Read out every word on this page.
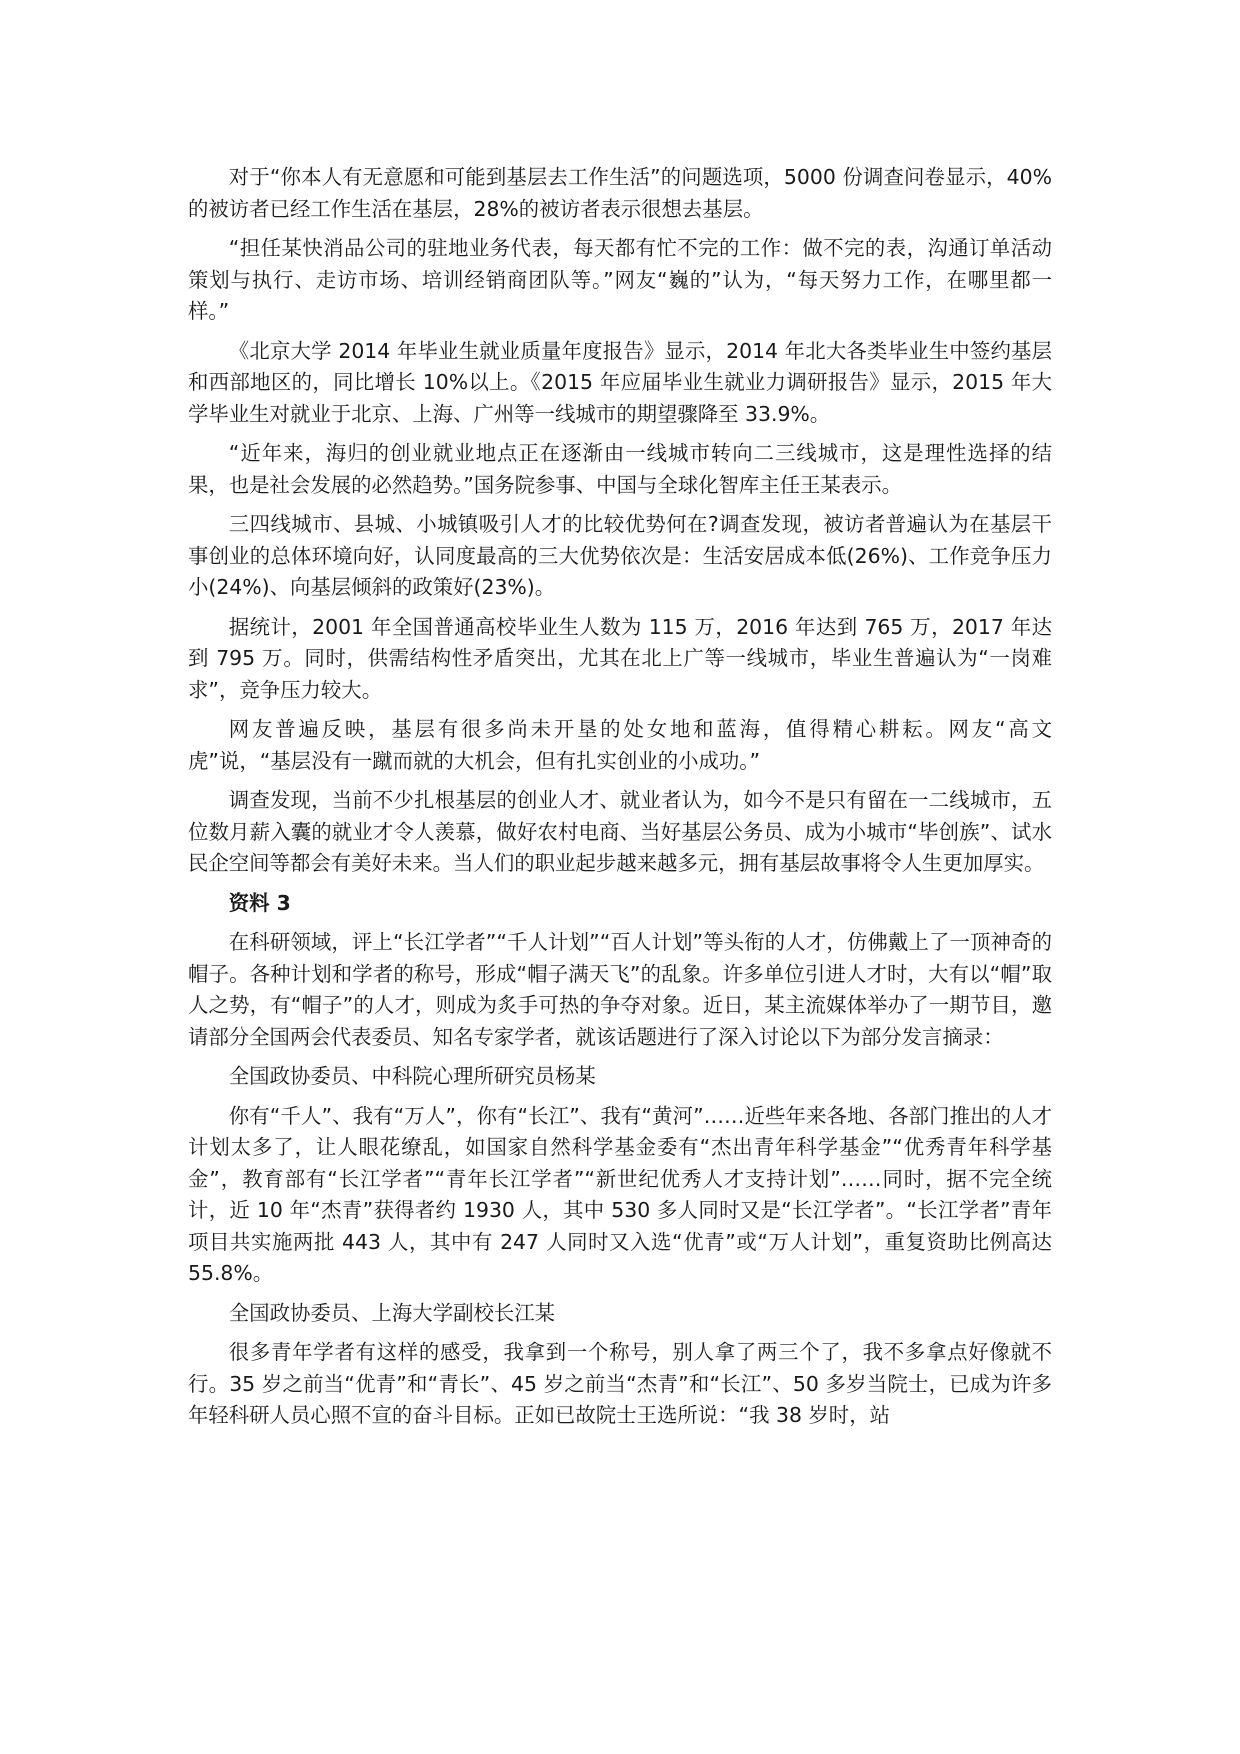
对于“你本人有无意愿和可能到基层去工作生活”的问题选项，5000 份调查问卷显示，40%的被访者已经工作生活在基层，28%的被访者表示很想去基层。

“担任某快消品公司的驻地业务代表，每天都有忙不完的工作：做不完的表，沟通订单活动策划与执行、走访市场、培训经销商团队等。”网友“巍的”认为，“每天努力工作，在哪里都一样。”

《北京大学 2014 年毕业生就业质量年度报告》显示，2014 年北大各类毕业生中签约基层和西部地区的，同比增长 10%以上。《2015 年应届毕业生就业力调研报告》显示，2015 年大学毕业生对就业于北京、上海、广州等一线城市的期望骤降至 33.9%。

“近年来，海归的创业就业地点正在逐渐由一线城市转向二三线城市，这是理性选择的结果，也是社会发展的必然趋势。”国务院参事、中国与全球化智库主任王某表示。

三四线城市、县城、小城镇吸引人才的比较优势何在?调查发现，被访者普遍认为在基层干事创业的总体环境向好，认同度最高的三大优势依次是：生活安居成本低(26%)、工作竞争压力小(24%)、向基层倾斜的政策好(23%)。

据统计，2001 年全国普通高校毕业生人数为 115 万，2016 年达到 765 万，2017 年达到 795 万。同时，供需结构性矛盾突出，尤其在北上广等一线城市，毕业生普遍认为“一岗难求”，竞争压力较大。

网友普遍反映，基层有很多尚未开垦的处女地和蓝海，值得精心耕耘。网友“高文虎”说，“基层没有一蹴而就的大机会，但有扎实创业的小成功。”

调查发现，当前不少扎根基层的创业人才、就业者认为，如今不是只有留在一二线城市，五位数月薪入囊的就业才令人羡慕，做好农村电商、当好基层公务员、成为小城市“毕创族”、试水民企空间等都会有美好未来。当人们的职业起步越来越多元，拥有基层故事将令人生更加厚实。

资料 3

在科研领域，评上“长江学者”“千人计划”“百人计划”等头衔的人才，仿佛戴上了一顶神奇的帽子。各种计划和学者的称号，形成“帽子满天飞”的乱象。许多单位引进人才时，大有以“帽”取人之势，有“帽子”的人才，则成为炙手可热的争夺对象。近日，某主流媒体举办了一期节目，邀请部分全国两会代表委员、知名专家学者，就该话题进行了深入讨论以下为部分发言摘录：

全国政协委员、中科院心理所研究员杨某

你有“千人”、我有“万人”，你有“长江”、我有“黄河”……近些年来各地、各部门推出的人才计划太多了，让人眼花缭乱，如国家自然科学基金委有“杰出青年科学基金”“优秀青年科学基金”，教育部有“长江学者”“青年长江学者”“新世纪优秀人才支持计划”……同时，据不完全统计，近 10 年“杰青”获得者约 1930 人，其中 530 多人同时又是“长江学者”。“长江学者”青年项目共实施两批 443 人，其中有 247 人同时又入选“优青”或“万人计划”，重复资助比例高达 55.8%。

全国政协委员、上海大学副校长江某

很多青年学者有这样的感受，我拿到一个称号，别人拿了两三个了，我不多拿点好像就不行。35 岁之前当“优青”和“青长”、45 岁之前当“杰青”和“长江”、50 多岁当院士，已成为许多年轻科研人员心照不宣的奋斗目标。正如已故院士王选所说：“我 38 岁时，站
